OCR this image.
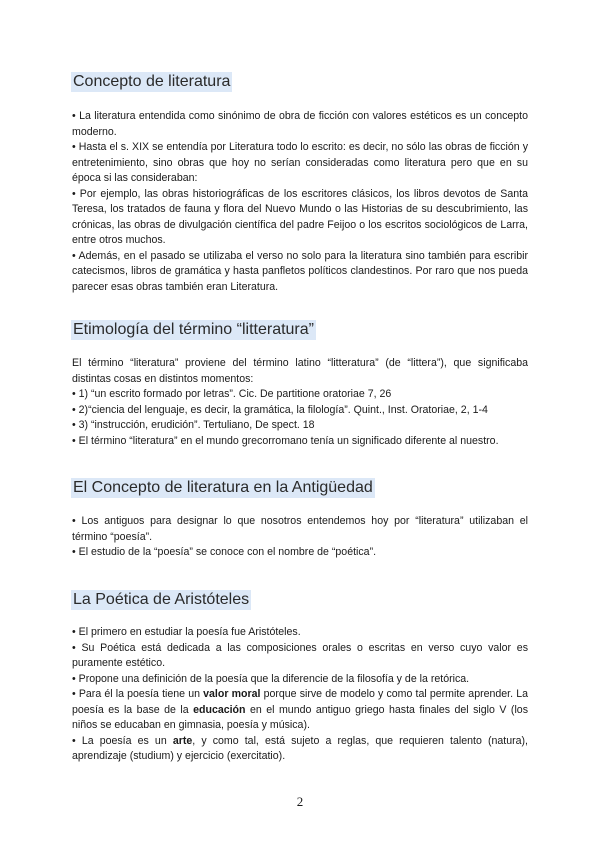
Concepto de literatura

• La literatura entendida como sinónimo de obra de ficción con valores estéticos es un concepto moderno.

• Hasta el s. XIX se entendía por Literatura todo lo escrito: es decir, no sólo las obras de ficción y entretenimiento, sino obras que hoy no serían consideradas como literatura pero que en su época si las consideraban:

• Por ejemplo, las obras historiográficas de los escritores clásicos, los libros devotos de Santa Teresa, los tratados de fauna y flora del Nuevo Mundo o las Historias de su descubrimiento, las crónicas, las obras de divulgación científica del padre Feijoo o los escritos sociológicos de Larra, entre otros muchos.

• Además, en el pasado se utilizaba el verso no solo para la literatura sino también para escribir catecismos, libros de gramática y hasta panfletos políticos clandestinos. Por raro que nos pueda parecer esas obras también eran Literatura.

Etimología del término “litteratura”

El término “literatura” proviene del término latino “litteratura” (de “littera”), que significaba distintas cosas en distintos momentos:

• 1) “un escrito formado por letras”. Cic. De partitione oratoriae 7, 26

• 2)“ciencia del lenguaje, es decir, la gramática, la filología”. Quint., Inst. Oratoriae, 2, 1-4

• 3) “instrucción, erudición”. Tertuliano, De spect. 18

• El término “literatura” en el mundo grecorromano tenía un significado diferente al nuestro.

El Concepto de literatura en la Antigüedad

• Los antiguos para designar lo que nosotros entendemos hoy por “literatura” utilizaban el término “poesía”.

• El estudio de la “poesía” se conoce con el nombre de “poética”.

La Poética de Aristóteles

• El primero en estudiar la poesía fue Aristóteles.

• Su Poética está dedicada a las composiciones orales o escritas en verso cuyo valor es puramente estético.

• Propone una definición de la poesía que la diferencie de la filosofía y de la retórica.

• Para él la poesía tiene un valor moral porque sirve de modelo y como tal permite aprender. La poesía es la base de la educación en el mundo antiguo griego hasta finales del siglo V (los niños se educaban en gimnasia, poesía y música).

• La poesía es un arte, y como tal, está sujeto a reglas, que requieren talento (natura), aprendizaje (studium) y ejercicio (exercitatio).

2
